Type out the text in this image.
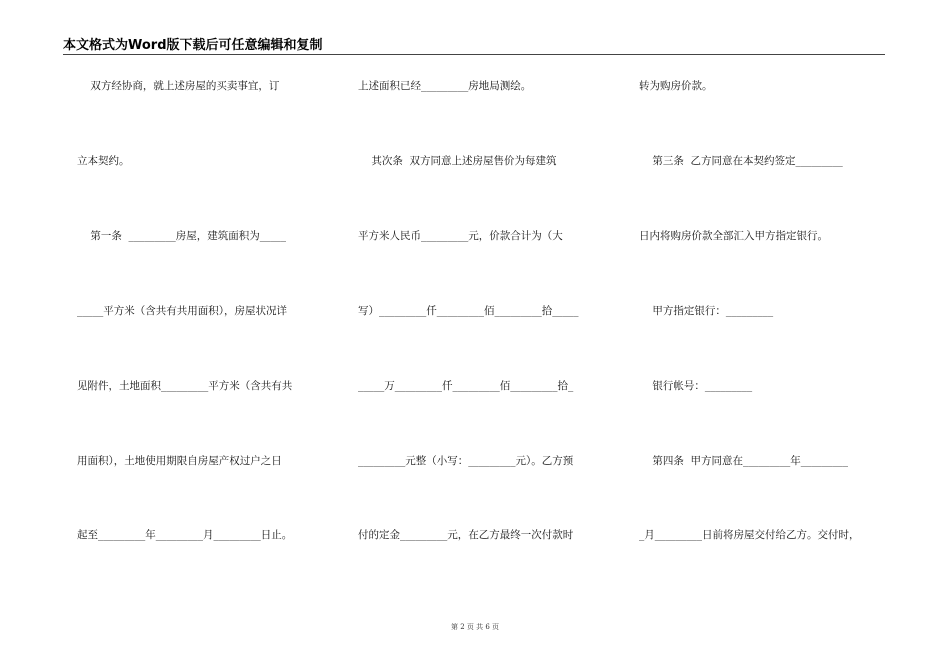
本文格式为Word版下载后可任意编辑和复制
双方经协商，就上述房屋的买卖事宜，订
立本契约。
第一条  _________房屋，建筑面积为_____
_____平方米（含共有共用面积），房屋状况详
见附件，土地面积_________平方米（含共有共
用面积），土地使用期限自房屋产权过户之日
起至_________年_________月_________日止。
上述面积已经_________房地局测绘。
其次条  双方同意上述房屋售价为每建筑
平方米人民币_________元，价款合计为（大
写）_________仟_________佰_________拾_____
_____万_________仟_________佰_________拾_
_________元整（小写：_________元）。乙方预
付的定金_________元，在乙方最终一次付款时
转为购房价款。
第三条  乙方同意在本契约签定_________
日内将购房价款全部汇入甲方指定银行。
甲方指定银行：_________
银行帐号：_________
第四条  甲方同意在_________年_________
_月_________日前将房屋交付给乙方。交付时，
第 2 页 共 6 页
